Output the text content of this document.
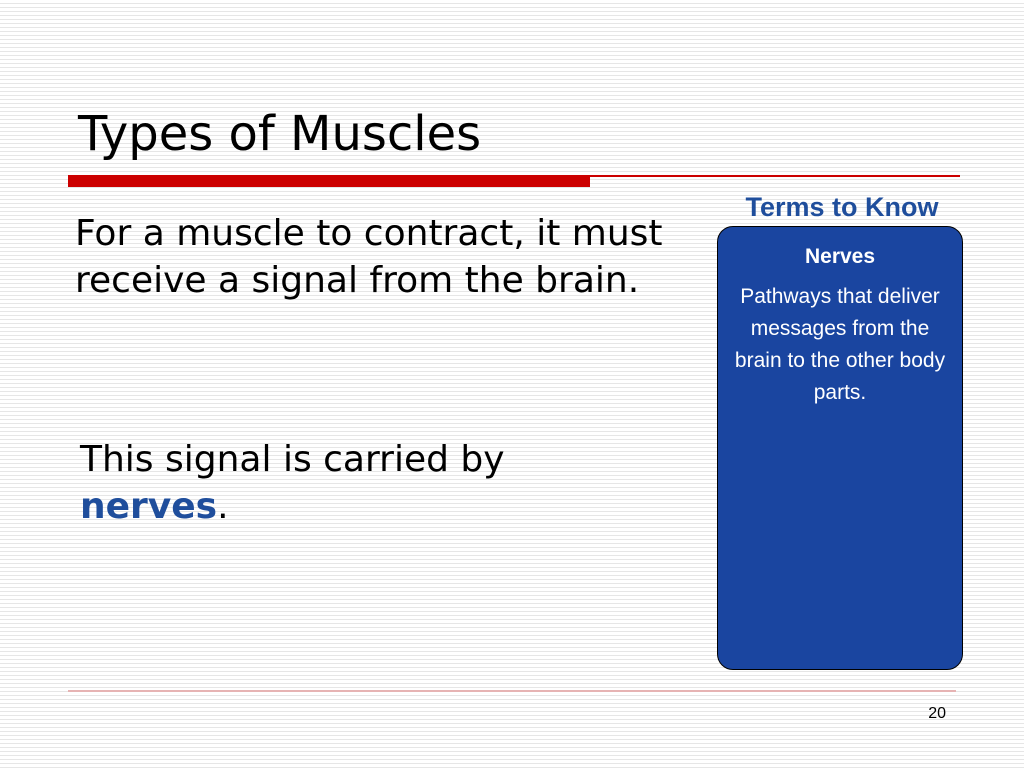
Types of Muscles

For a muscle to contract, it must receive a signal from the brain.

This signal is carried by nerves.

Terms to Know
Nerves
Pathways that deliver messages from the brain to the other body parts.
20
